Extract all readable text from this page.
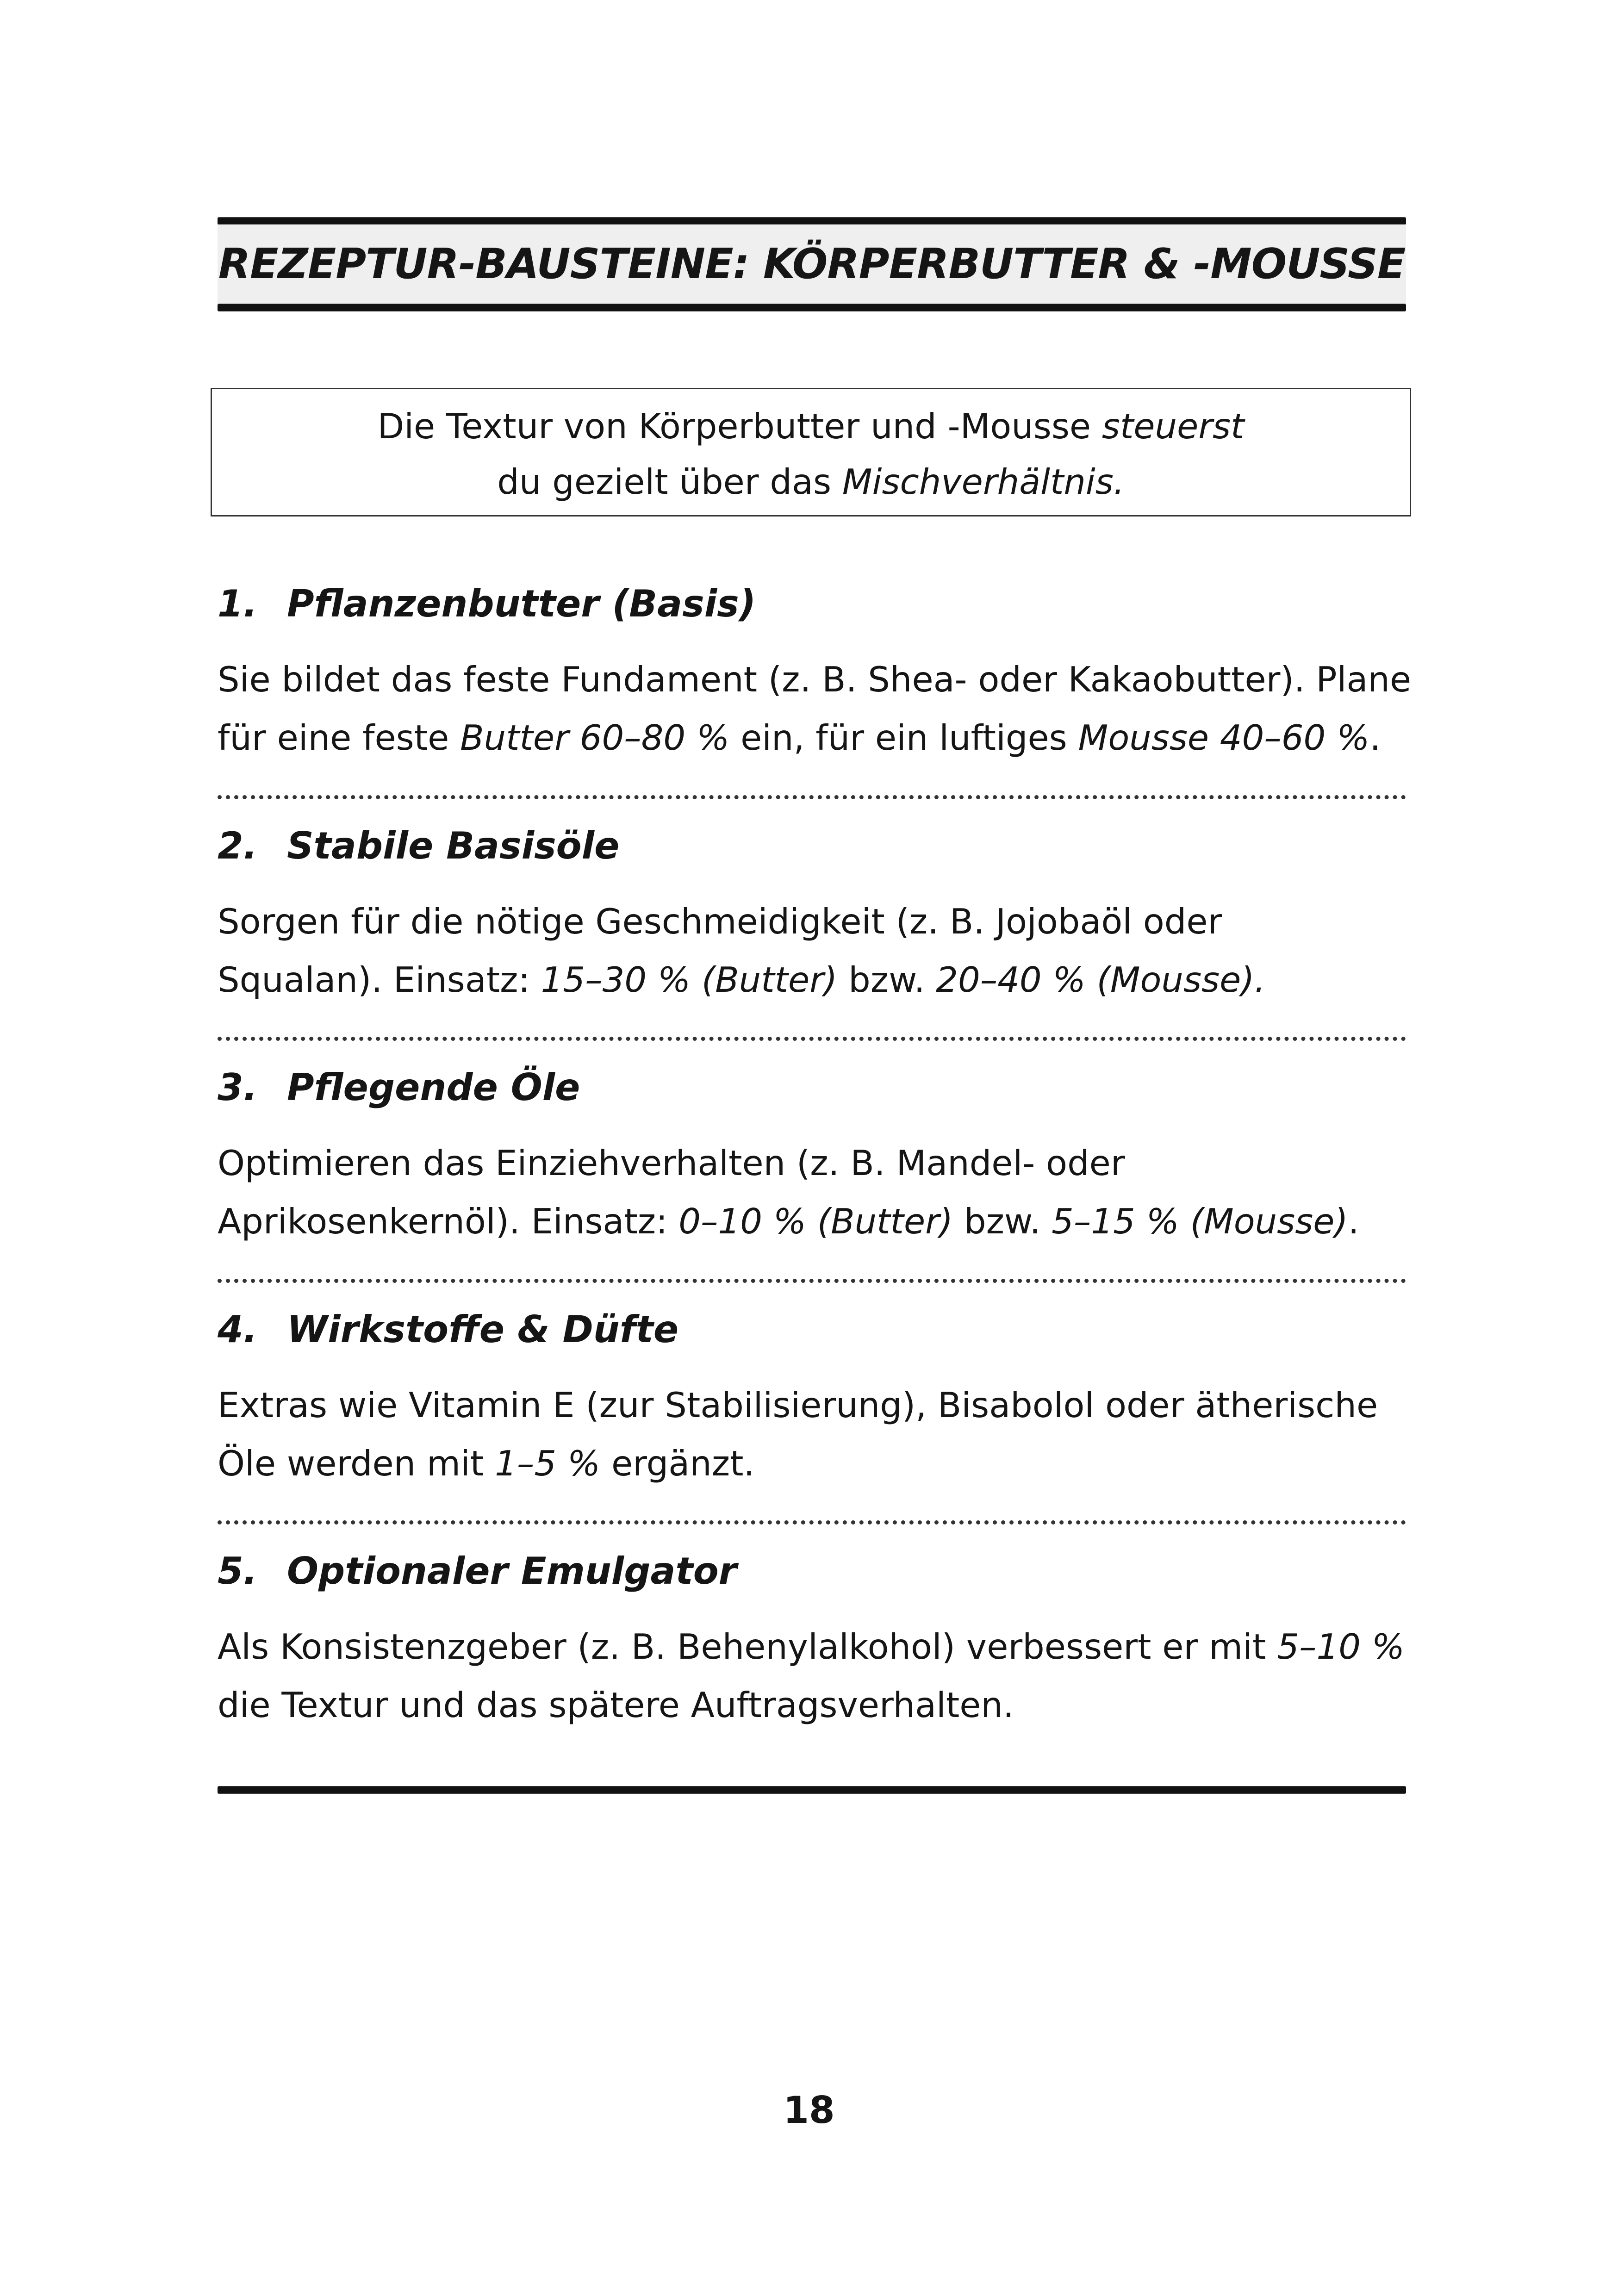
REZEPTUR-BAUSTEINE: KÖRPERBUTTER & -MOUSSE
Die Textur von Körperbutter und -Mousse steuerst
du gezielt über das Mischverhältnis.
1. Pflanzenbutter (Basis)
Sie bildet das feste Fundament (z. B. Shea- oder Kakaobutter). Plane
für eine feste Butter 60–80 % ein, für ein luftiges Mousse 40–60 %.
2. Stabile Basisöle
Sorgen für die nötige Geschmeidigkeit (z. B. Jojobaöl oder
Squalan). Einsatz: 15–30 % (Butter) bzw. 20–40 % (Mousse).
3. Pflegende Öle
Optimieren das Einziehverhalten (z. B. Mandel- oder
Aprikosenkernöl). Einsatz: 0–10 % (Butter) bzw. 5–15 % (Mousse).
4. Wirkstoffe & Düfte
Extras wie Vitamin E (zur Stabilisierung), Bisabolol oder ätherische
Öle werden mit 1–5 % ergänzt.
5. Optionaler Emulgator
Als Konsistenzgeber (z. B. Behenylalkohol) verbessert er mit 5–10 %
die Textur und das spätere Auftragsverhalten.
18
